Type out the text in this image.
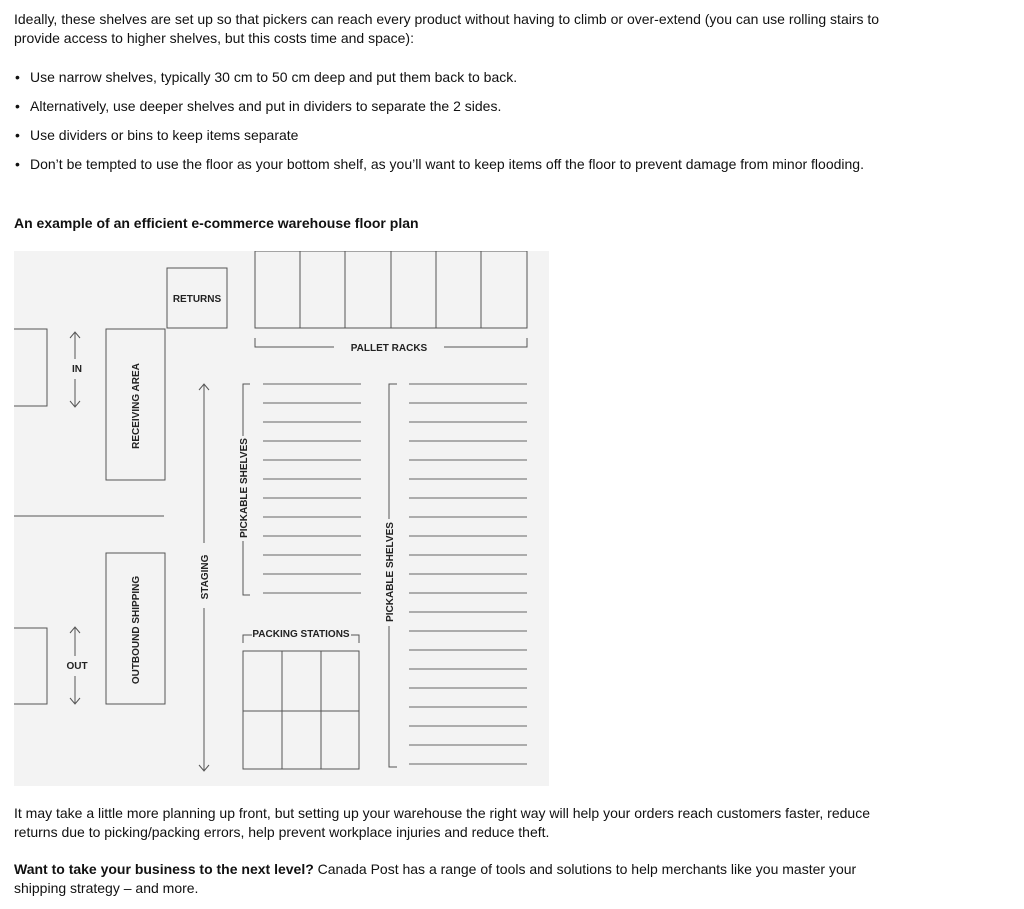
Ideally, these shelves are set up so that pickers can reach every product without having to climb or over-extend (you can use rolling stairs to provide access to higher shelves, but this costs time and space):

• Use narrow shelves, typically 30 cm to 50 cm deep and put them back to back.
• Alternatively, use deeper shelves and put in dividers to separate the 2 sides.
• Use dividers or bins to keep items separate
• Don’t be tempted to use the floor as your bottom shelf, as you’ll want to keep items off the floor to prevent damage from minor flooding.

An example of an efficient e-commerce warehouse floor plan

RETURNS
PALLET RACKS
IN
OUT
RECEIVING AREA
OUTBOUND SHIPPING	STAGING
PICKABLE SHELVES
PICKABLE SHELVES
PACKING STATIONS

It may take a little more planning up front, but setting up your warehouse the right way will help your orders reach customers faster, reduce returns due to picking/packing errors, help prevent workplace injuries and reduce theft.

Want to take your business to the next level? Canada Post has a range of tools and solutions to help merchants like you master your shipping strategy – and more.
